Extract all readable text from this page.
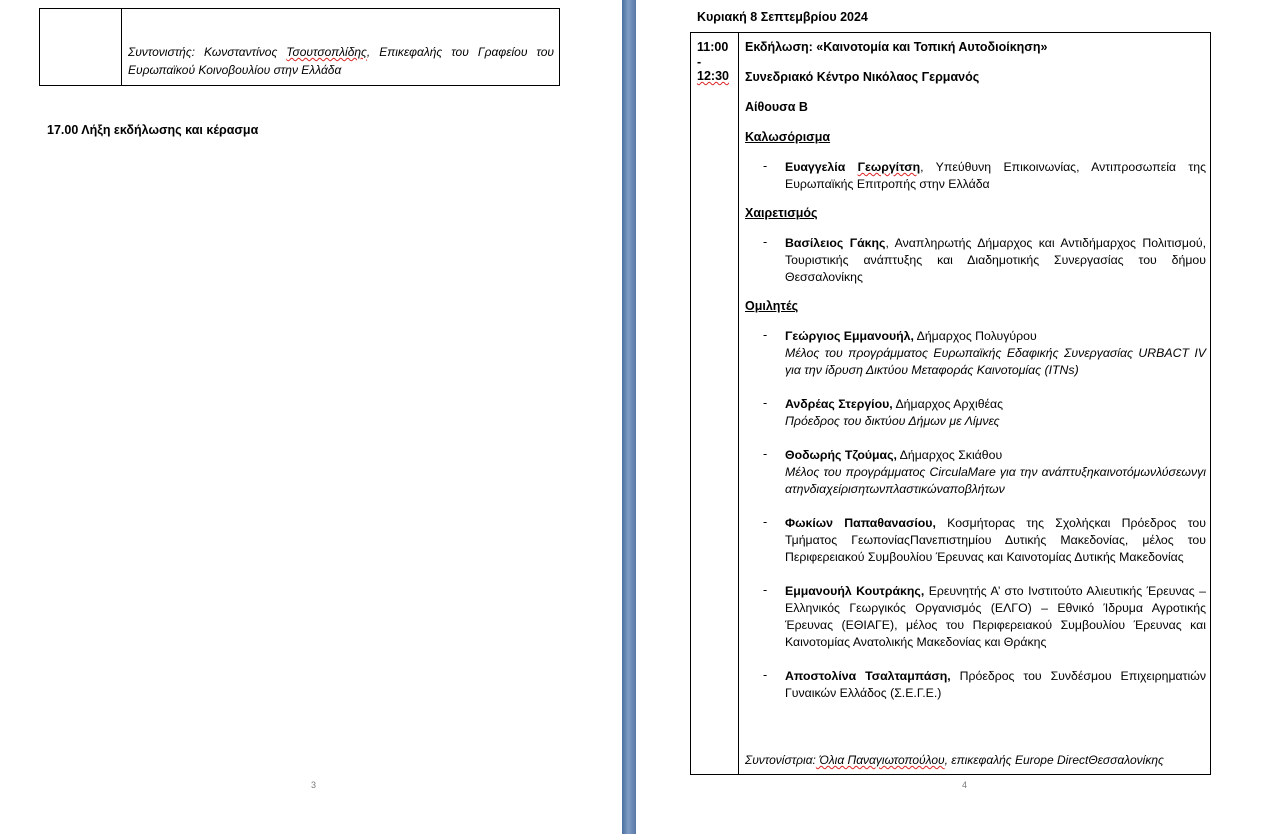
Συντονιστής: Κωνσταντίνος Τσουτσοπλίδης, Επικεφαλής του Γραφείου του Ευρωπαϊκού Κοινοβουλίου στην Ελλάδα
17.00 Λήξη εκδήλωσης και κέρασμα
3
Κυριακή 8 Σεπτεμβρίου 2024
11:00
-
12:30
Εκδήλωση: «Καινοτομία και Τοπική Αυτοδιοίκηση»
Συνεδριακό Κέντρο Νικόλαος Γερμανός
Αίθουσα Β
Καλωσόρισμα
-	Ευαγγελία Γεωργίτση, Υπεύθυνη Επικοινωνίας, Αντιπροσωπεία της Ευρωπαϊκής Επιτροπής στην Ελλάδα
Χαιρετισμός
-	Βασίλειος Γάκης, Αναπληρωτής Δήμαρχος και Αντιδήμαρχος Πολιτισμού, Τουριστικής ανάπτυξης και Διαδημοτικής Συνεργασίας του δήμου Θεσσαλονίκης
Ομιλητές
-	Γεώργιος Εμμανουήλ, Δήμαρχος Πολυγύρου
Μέλος του προγράμματος Ευρωπαϊκής Εδαφικής Συνεργασίας URBACT IV για την ίδρυση Δικτύου Μεταφοράς Καινοτομίας (ITNs)
-	Ανδρέας Στεργίου, Δήμαρχος Αρχιθέας
Πρόεδρος του δικτύου Δήμων με Λίμνες
-	Θοδωρής Τζούμας, Δήμαρχος Σκιάθου
Μέλος του προγράμματος CirculaMare για την ανάπτυξηκαινοτόμωνλύσεωνγιατηνδιαχείρισητωνπλαστικώναποβλήτων
-	Φωκίων Παπαθανασίου, Κοσμήτορας της Σχολήςκαι Πρόεδρος του Τμήματος ΓεωπονίαςΠανεπιστημίου Δυτικής Μακεδονίας, μέλος του Περιφερειακού Συμβουλίου Έρευνας και Καινοτομίας Δυτικής Μακεδονίας
-	Εμμανουήλ Κουτράκης, Ερευνητής Α’ στο Ινστιτούτο Αλιευτικής Έρευνας – Ελληνικός Γεωργικός Οργανισμός (ΕΛΓΟ) – Εθνικό Ίδρυμα Αγροτικής Έρευνας (ΕΘΙΑΓΕ), μέλος του Περιφερειακού Συμβουλίου Έρευνας και Καινοτομίας Ανατολικής Μακεδονίας και Θράκης
-	Αποστολίνα Τσαλταμπάση, Πρόεδρος του Συνδέσμου Επιχειρηματιών Γυναικών Ελλάδος (Σ.Ε.Γ.Ε.)
Συντονίστρια: Όλια Παναγιωτοπούλου, επικεφαλής Europe DirectΘεσσαλονίκης
4
